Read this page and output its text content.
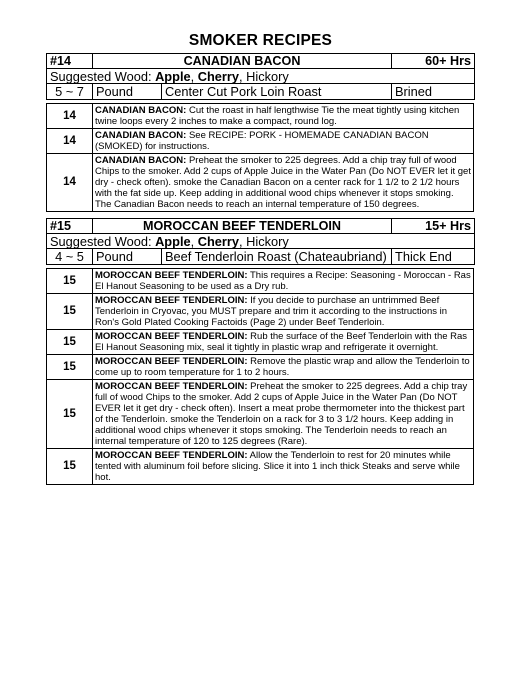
SMOKER RECIPES
#14	CANADIAN BACON		60+ Hrs
Suggested Wood: Apple, Cherry, Hickory			
5 ~ 7	Pound	Center Cut Pork Loin Roast	Brined
14	CANADIAN BACON: Cut the roast in half lengthwise Tie the meat tightly using kitchen twine loops every 2 inches to make a compact, round log.
14	CANADIAN BACON: See RECIPE: PORK - HOMEMADE CANADIAN BACON (SMOKED) for instructions.
14	CANADIAN BACON: Preheat the smoker to 225 degrees. Add a chip tray full of wood Chips to the smoker. Add 2 cups of Apple Juice in the Water Pan (Do NOT EVER let it get dry - check often). smoke the Canadian Bacon on a center rack for 1 1/2 to 2 1/2 hours with the fat side up. Keep adding in additional wood chips whenever it stops smoking. The Canadian Bacon needs to reach an internal temperature of 150 degrees.
#15	MOROCCAN BEEF TENDERLOIN		15+ Hrs
Suggested Wood: Apple, Cherry, Hickory			
4 ~ 5	Pound	Beef Tenderloin Roast (Chateaubriand)	Thick End
15	MOROCCAN BEEF TENDERLOIN: This requires a Recipe: Seasoning - Moroccan - Ras El Hanout Seasoning to be used as a Dry rub.
15	MOROCCAN BEEF TENDERLOIN: If you decide to purchase an untrimmed Beef Tenderloin in Cryovac, you MUST prepare and trim it according to the instructions in Ron's Gold Plated Cooking Factoids (Page 2) under Beef Tenderloin.
15	MOROCCAN BEEF TENDERLOIN: Rub the surface of the Beef Tenderloin with the Ras El Hanout Seasoning mix, seal it tightly in plastic wrap and refrigerate it overnight.
15	MOROCCAN BEEF TENDERLOIN: Remove the plastic wrap and allow the Tenderloin to come up to room temperature for 1 to 2 hours.
15	MOROCCAN BEEF TENDERLOIN: Preheat the smoker to 225 degrees. Add a chip tray full of wood Chips to the smoker. Add 2 cups of Apple Juice in the Water Pan (Do NOT EVER let it get dry - check often). Insert a meat probe thermometer into the thickest part of the Tenderloin. smoke the Tenderloin on a rack for 3 to 3 1/2 hours. Keep adding in additional wood chips whenever it stops smoking. The Tenderloin needs to reach an internal temperature of 120 to 125 degrees (Rare).
15	MOROCCAN BEEF TENDERLOIN: Allow the Tenderloin to rest for 20 minutes while tented with aluminum foil before slicing. Slice it into 1 inch thick Steaks and serve while hot.
